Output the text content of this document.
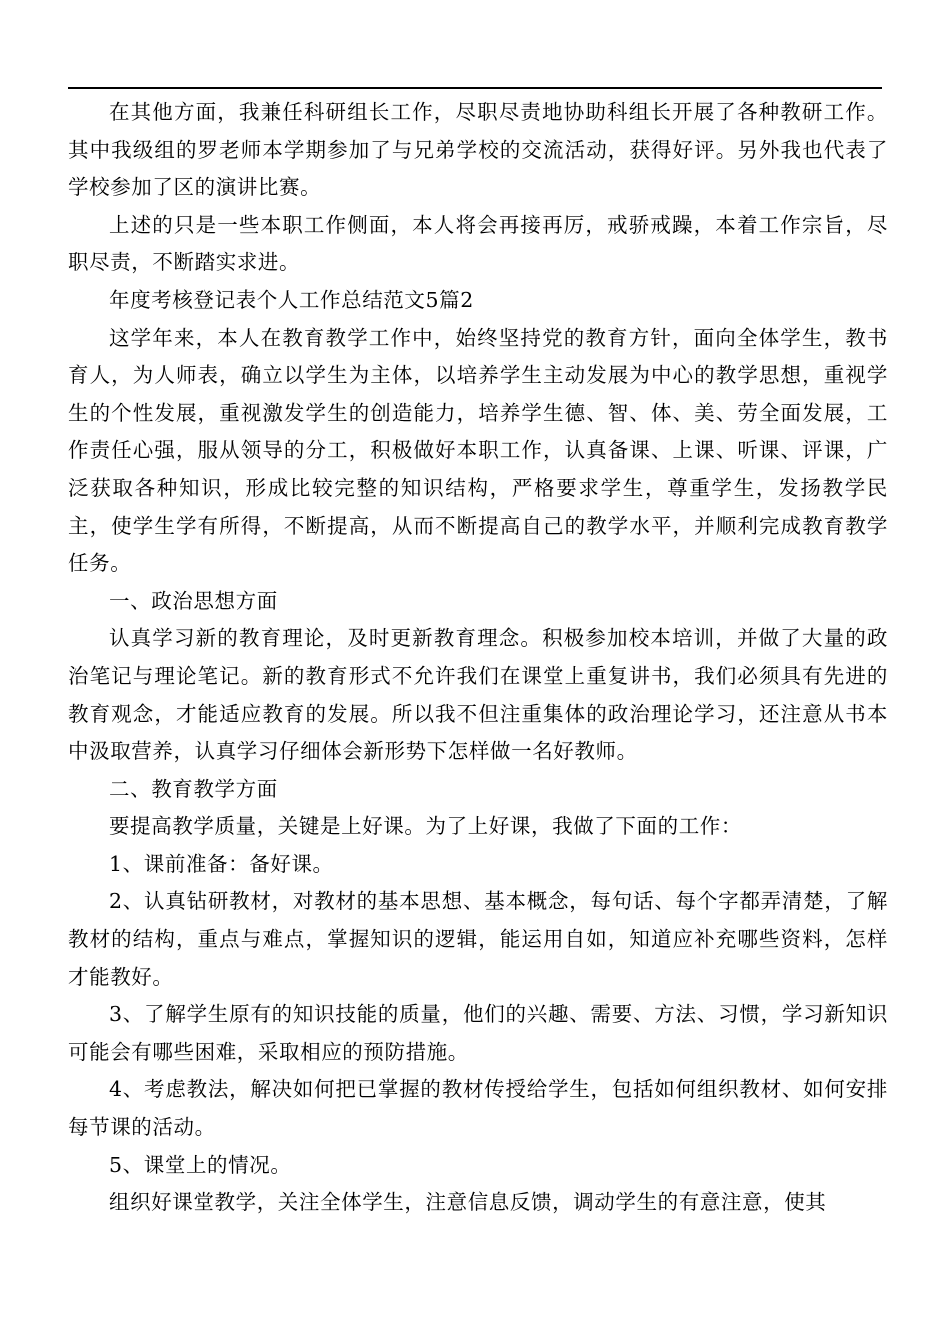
在其他方面，我兼任科研组长工作，尽职尽责地协助科组长开展了各种教研工作。其中我级组的罗老师本学期参加了与兄弟学校的交流活动，获得好评。另外我也代表了学校参加了区的演讲比赛。

上述的只是一些本职工作侧面，本人将会再接再厉，戒骄戒躁，本着工作宗旨，尽职尽责，不断踏实求进。

年度考核登记表个人工作总结范文5篇2

这学年来，本人在教育教学工作中，始终坚持党的教育方针，面向全体学生，教书育人，为人师表，确立以学生为主体，以培养学生主动发展为中心的教学思想，重视学生的个性发展，重视激发学生的创造能力，培养学生德、智、体、美、劳全面发展，工作责任心强，服从领导的分工，积极做好本职工作，认真备课、上课、听课、评课，广泛获取各种知识，形成比较完整的知识结构，严格要求学生，尊重学生，发扬教学民主，使学生学有所得，不断提高，从而不断提高自己的教学水平，并顺利完成教育教学任务。

一、政治思想方面

认真学习新的教育理论，及时更新教育理念。积极参加校本培训，并做了大量的政治笔记与理论笔记。新的教育形式不允许我们在课堂上重复讲书，我们必须具有先进的教育观念，才能适应教育的发展。所以我不但注重集体的政治理论学习，还注意从书本中汲取营养，认真学习仔细体会新形势下怎样做一名好教师。

二、教育教学方面

要提高教学质量，关键是上好课。为了上好课，我做了下面的工作：

1、课前准备：备好课。

2、认真钻研教材，对教材的基本思想、基本概念，每句话、每个字都弄清楚，了解教材的结构，重点与难点，掌握知识的逻辑，能运用自如，知道应补充哪些资料，怎样才能教好。

3、了解学生原有的知识技能的质量，他们的兴趣、需要、方法、习惯，学习新知识可能会有哪些困难，采取相应的预防措施。

4、考虑教法，解决如何把已掌握的教材传授给学生，包括如何组织教材、如何安排每节课的活动。

5、课堂上的情况。

组织好课堂教学，关注全体学生，注意信息反馈，调动学生的有意注意，使其
